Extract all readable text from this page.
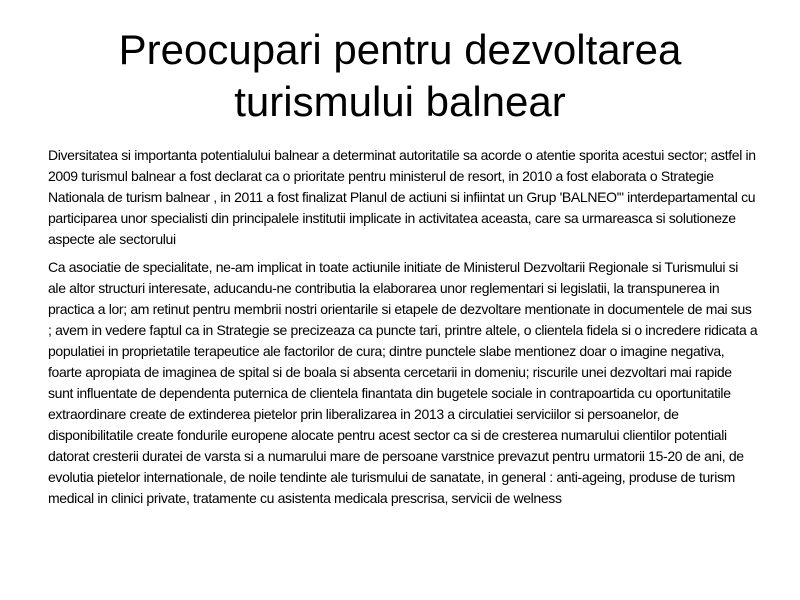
Preocupari pentru dezvoltarea turismului balnear

Diversitatea si importanta potentialului balnear a determinat autoritatile sa acorde o atentie sporita acestui sector; astfel in 2009 turismul balnear a fost declarat ca o prioritate pentru ministerul de resort, in 2010 a fost elaborata o Strategie Nationala de turism balnear , in 2011 a fost finalizat Planul de actiuni si infiintat un Grup 'BALNEO'" interdepartamental cu participarea unor specialisti din principalele institutii implicate in activitatea aceasta, care sa urmareasca si solutioneze aspecte ale sectorului

Ca asociatie de specialitate, ne-am implicat in toate actiunile initiate de Ministerul Dezvoltarii Regionale si Turismului si ale altor structuri interesate, aducandu-ne contributia la elaborarea unor reglementari si legislatii, la transpunerea in practica a lor; am retinut pentru membrii nostri orientarile si etapele de dezvoltare mentionate in documentele de mai sus ; avem in vedere faptul ca in Strategie se precizeaza ca puncte tari, printre altele, o clientela fidela si o incredere ridicata a populatiei in proprietatile terapeutice ale factorilor de cura; dintre punctele slabe mentionez doar o imagine negativa, foarte apropiata de imaginea de spital si de boala si absenta cercetarii in domeniu; riscurile unei dezvoltari mai rapide sunt influentate de dependenta puternica de clientela finantata din bugetele sociale in contrapoartida cu oportunitatile extraordinare create de extinderea pietelor prin liberalizarea in 2013 a circulatiei serviciilor si persoanelor, de disponibilitatile create fondurile europene alocate pentru acest sector ca si de cresterea numarului clientilor potentiali datorat cresterii duratei de varsta si a numarului mare de persoane varstnice prevazut pentru urmatorii 15-20 de ani, de evolutia pietelor internationale, de noile tendinte ale turismului de sanatate, in general : anti-ageing, produse de turism medical in clinici private, tratamente cu asistenta medicala prescrisa, servicii de welness
